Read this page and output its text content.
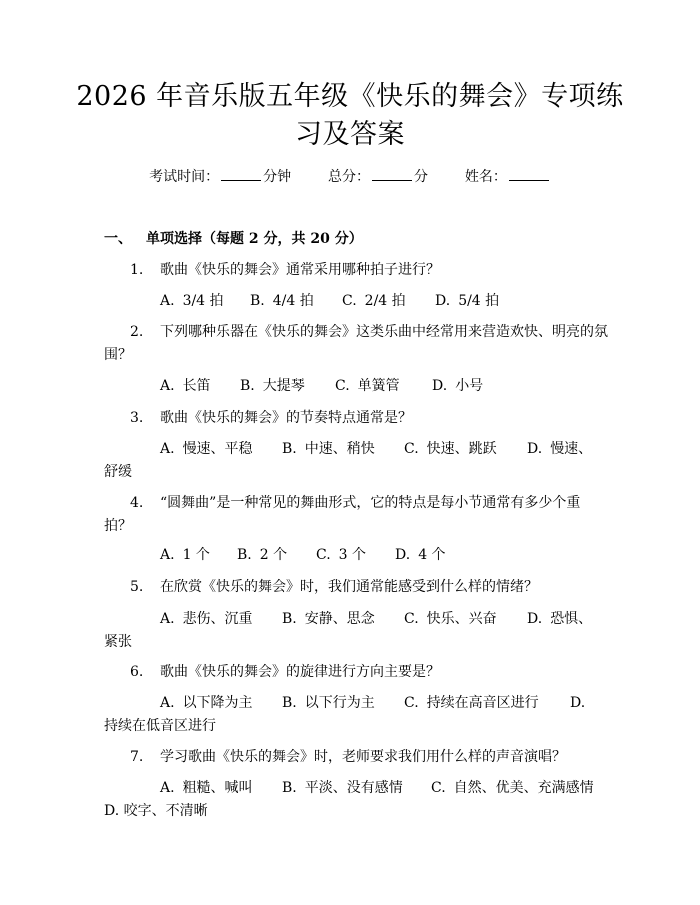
2026 年音乐版五年级《快乐的舞会》专项练
习及答案
考试时间：	分钟	总分：	分	姓名：
一、 单项选择（每题 2 分，共 20 分）
1. 歌曲《快乐的舞会》通常采用哪种拍子进行？
A. 3/4 拍 B. 4/4 拍 C. 2/4 拍 D. 5/4 拍
2. 下列哪种乐器在《快乐的舞会》这类乐曲中经常用来营造欢快、明亮的氛
围？
A. 长笛 B. 大提琴 C. 单簧管 D. 小号
3. 歌曲《快乐的舞会》的节奏特点通常是？
A. 慢速、平稳 B. 中速、稍快 C. 快速、跳跃 D. 慢速、
舒缓
4. “圆舞曲”是一种常见的舞曲形式，它的特点是每小节通常有多少个重
拍？
A. 1 个 B. 2 个 C. 3 个 D. 4 个
5. 在欣赏《快乐的舞会》时，我们通常能感受到什么样的情绪？
A. 悲伤、沉重 B. 安静、思念 C. 快乐、兴奋 D. 恐惧、
紧张
6. 歌曲《快乐的舞会》的旋律进行方向主要是？
A. 以下降为主 B. 以下行为主 C. 持续在高音区进行 D.
持续在低音区进行
7. 学习歌曲《快乐的舞会》时，老师要求我们用什么样的声音演唱？
A. 粗糙、喊叫 B. 平淡、没有感情 C. 自然、优美、充满感情
D. 咬字、不清晰
